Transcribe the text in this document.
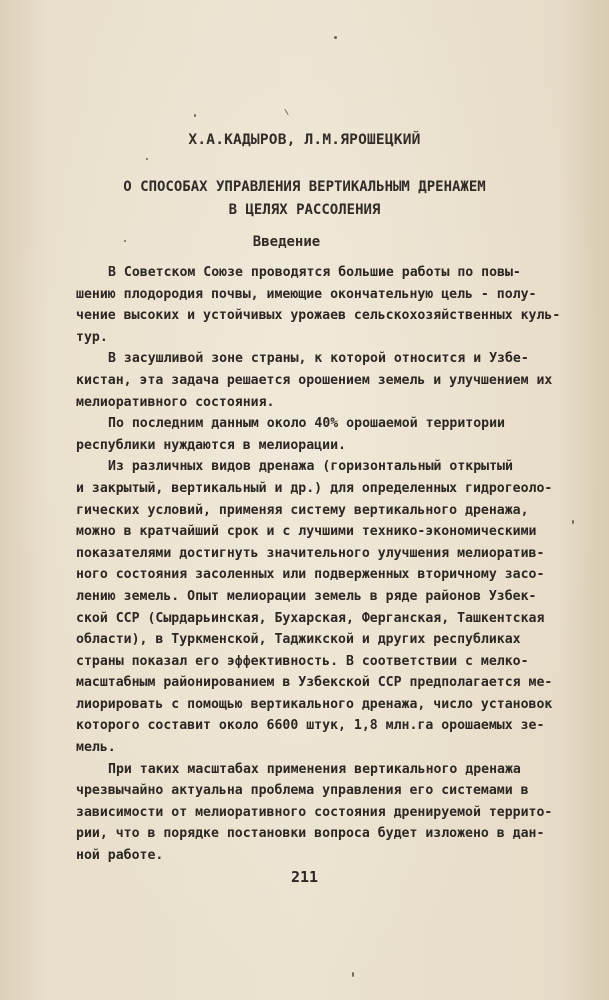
Х.А.КАДЫРОВ, Л.М.ЯРОШЕЦКИЙ
О СПОСОБАХ УПРАВЛЕНИЯ ВЕРТИКАЛЬНЫМ ДРЕНАЖЕМ
В ЦЕЛЯХ РАССОЛЕНИЯ
Введение
В Советском Союзе проводятся большие работы по повы-
шению плодородия почвы, имеющие окончательную цель - полу-
чение высоких и устойчивых урожаев сельскохозяйственных куль-
тур.
В засушливой зоне страны, к которой относится и Узбе-
кистан, эта задача решается орошением земель и улучшением их
мелиоративного состояния.
По последним данным около 40% орошаемой территории
республики нуждаются в мелиорации.
Из различных видов дренажа (горизонтальный открытый
и закрытый, вертикальный и др.) для определенных гидрогеоло-
гических условий, применяя систему вертикального дренажа,
можно в кратчайший срок и с лучшими технико-экономическими
показателями достигнуть значительного улучшения мелиоратив-
ного состояния засоленных или подверженных вторичному засо-
лению земель. Опыт мелиорации земель в ряде районов Узбек-
ской ССР (Сырдарьинская, Бухарская, Ферганская, Ташкентская
области), в Туркменской, Таджикской и других республиках
страны показал его эффективность. В соответствии с мелко-
масштабным районированием в Узбекской ССР предполагается ме-
лиорировать с помощью вертикального дренажа, число установок
которого составит около 6600 штук, 1,8 млн.га орошаемых зе-
мель.
При таких масштабах применения вертикального дренажа
чрезвычайно актуальна проблема управления его системами в
зависимости от мелиоративного состояния дренируемой террито-
рии, что в порядке постановки вопроса будет изложено в дан-
ной работе.
211
